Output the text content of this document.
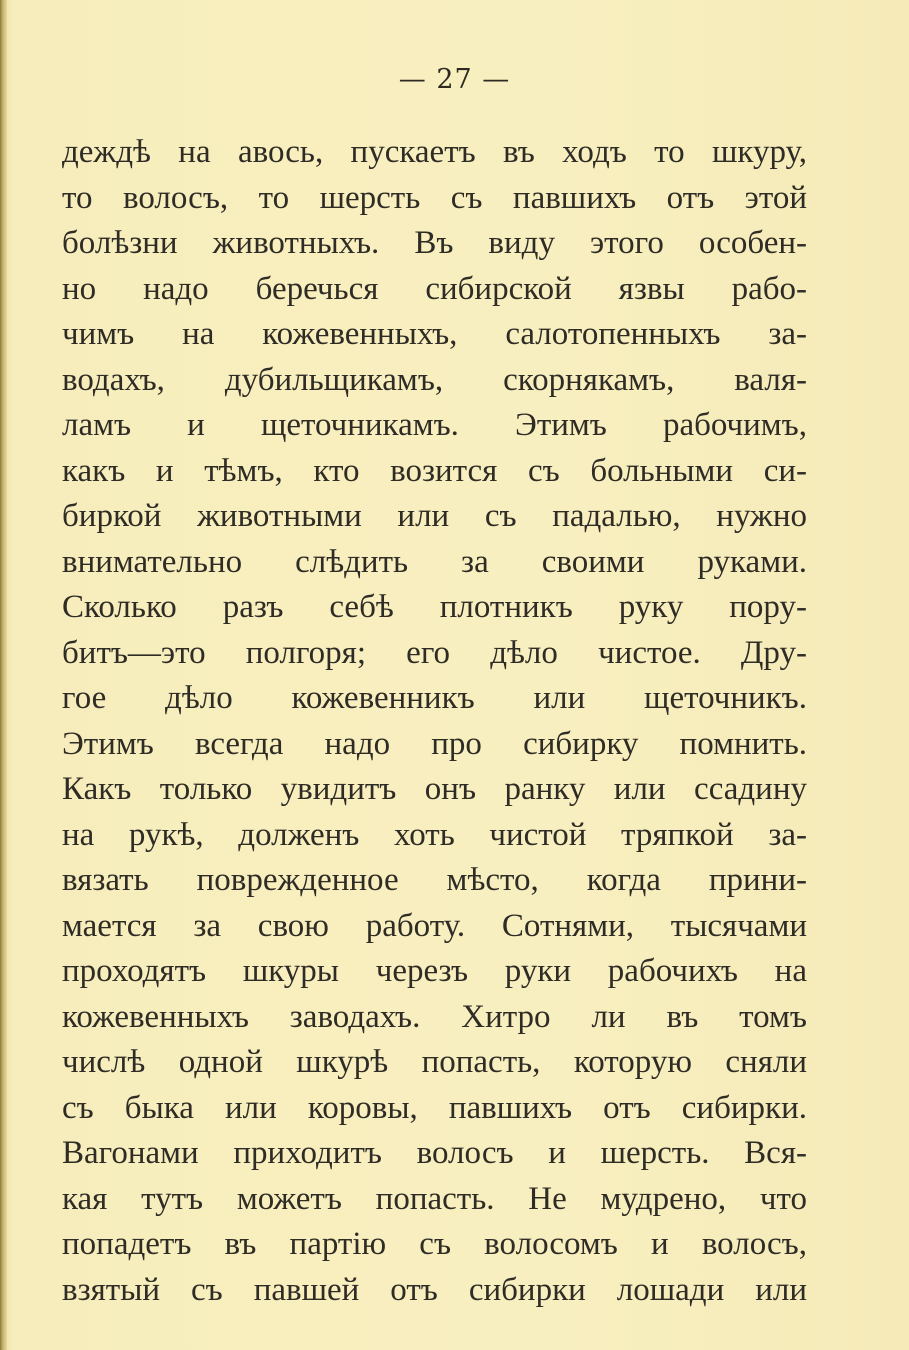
— 27 —
деждѣ на авось, пускаетъ въ ходъ то шкуру,
то волосъ, то шерсть съ павшихъ отъ этой
болѣзни животныхъ. Въ виду этого особен-
но надо беречься сибирской язвы рабо-
чимъ на кожевенныхъ, салотопенныхъ за-
водахъ, дубильщикамъ, скорнякамъ, валя-
ламъ и щеточникамъ. Этимъ рабочимъ,
какъ и тѣмъ, кто возится съ больными си-
биркой животными или съ падалью, нужно
внимательно слѣдить за своими руками.
Сколько разъ себѣ плотникъ руку пору-
битъ—это полгоря; его дѣло чистое. Дру-
гое дѣло кожевенникъ или щеточникъ.
Этимъ всегда надо про сибирку помнить.
Какъ только увидитъ онъ ранку или ссадину
на рукѣ, долженъ хоть чистой тряпкой за-
вязать поврежденное мѣсто, когда прини-
мается за свою работу. Сотнями, тысячами
проходятъ шкуры черезъ руки рабочихъ на
кожевенныхъ заводахъ. Хитро ли въ томъ
числѣ одной шкурѣ попасть, которую сняли
съ быка или коровы, павшихъ отъ сибирки.
Вагонами приходитъ волосъ и шерсть. Вся-
кая тутъ можетъ попасть. Не мудрено, что
попадетъ въ партію съ волосомъ и волосъ,
взятый съ павшей отъ сибирки лошади или
